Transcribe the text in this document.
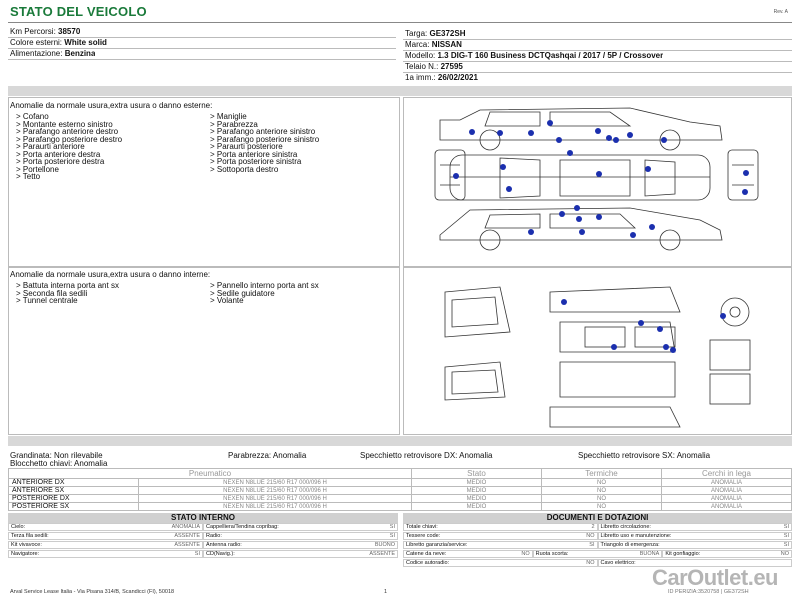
STATO DEL VEICOLO	Rev. A
Km Percorsi: 38570
Colore esterni: White solid
Alimentazione: Benzina
Targa: GE372SH
Marca: NISSAN
Modello: 1.3 DIG-T 160 Business DCTQashqai / 2017 / 5P / Crossover
Telaio N.: 27595
1a imm.: 26/02/2021
Anomalie da normale usura,extra usura o danno esterne:
> Cofano
> Montante esterno sinistro
> Parafango anteriore destro
> Parafango posteriore destro
> Paraurti anteriore
> Porta anteriore destra
> Porta posteriore destra
> Portellone
> Tetto
> Maniglie
> Parabrezza
> Parafango anteriore sinistro
> Parafango posteriore sinistro
> Paraurti posteriore
> Porta anteriore sinistra
> Porta posteriore sinistra
> Sottoporta destro
Anomalie da normale usura,extra usura o danno interne:
> Battuta interna porta ant sx
> Seconda fila sedili
> Tunnel centrale
> Pannello interno porta ant sx
> Sedile guidatore
> Volante
Grandinata: Non rilevabile	Parabrezza: Anomalia	Specchietto retrovisore DX: Anomalia	Specchietto retrovisore SX: Anomalia
Blocchetto chiavi: Anomalia
Pneumatico		Stato	Termiche	Cerchi in lega
ANTERIORE DX	NEXEN N8LUE 215/60 R17 000/096 H	MEDIO	NO	ANOMALIA
ANTERIORE SX	NEXEN N8LUE 215/60 R17 000/096 H	MEDIO	NO	ANOMALIA
POSTERIORE DX	NEXEN N8LUE 215/60 R17 000/096 H	MEDIO	NO	ANOMALIA
POSTERIORE SX	NEXEN N8LUE 215/60 R17 000/096 H	MEDIO	NO	ANOMALIA
STATO INTERNO
Cielo:	ANOMALIA	Cappelliera/Tendina copribag:	SI
Terza fila sedili:	ASSENTE	Radio:	SI
Kit vivavoce:	ASSENTE	Antenna radio:	BUONO
Navigatore:	SI	CD(Navig.):	ASSENTE
DOCUMENTI E DOTAZIONI
Totale chiavi:	2	Libretto circolazione:	SI
Tessere code:	NO	Libretto uso e manutenzione:	SI
Libretto garanzia/service:	SI	Triangolo di emergenza:	SI
Catene da neve:	NO	Ruota scorta:	BUONA	Kit gonfiaggio:	NO
Codice autoradio:	NO	Cavo elettrico:
Arval Service Lease Italia - Via Pisana 314/B, Scandicci (FI), 50018	1	ID PERIZIA:3520758 | GE372SH
CarOutlet.eu
